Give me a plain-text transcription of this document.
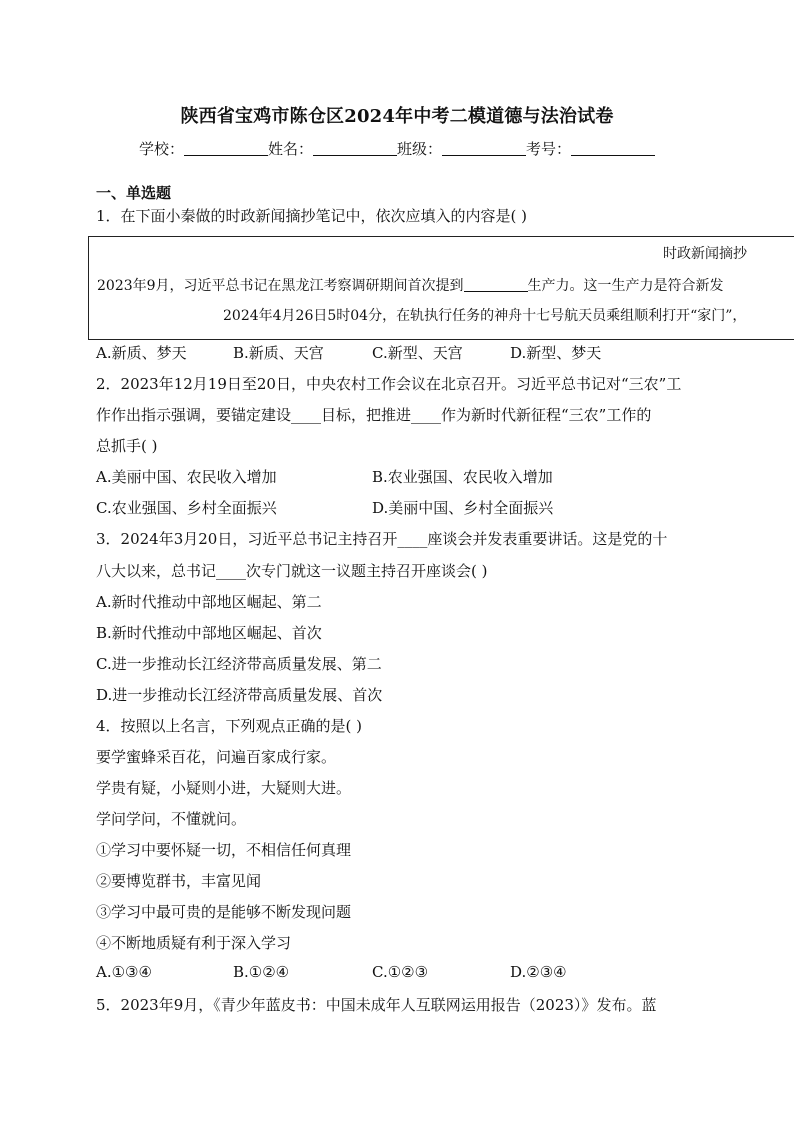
陕西省宝鸡市陈仓区2024年中考二模道德与法治试卷
学校：	姓名：	班级：	考号：
一、单选题
1．在下面小秦做的时政新闻摘抄笔记中，依次应填入的内容是( )
时政新闻摘抄
2023年9月，习近平总书记在黑龙江考察调研期间首次提到	生产力。这一生产力是符合新发
2024年4月26日5时04分，在轨执行任务的神舟十七号航天员乘组顺利打开“家门”，
A.新质、梦天	B.新质、天宫	C.新型、天宫	D.新型、梦天
2．2023年12月19日至20日，中央农村工作会议在北京召开。习近平总书记对“三农”工
作作出指示强调，要锚定建设____目标，把推进____作为新时代新征程“三农”工作的
总抓手( )
A.美丽中国、农民收入增加	B.农业强国、农民收入增加
C.农业强国、乡村全面振兴	D.美丽中国、乡村全面振兴
3．2024年3月20日，习近平总书记主持召开____座谈会并发表重要讲话。这是党的十
八大以来，总书记____次专门就这一议题主持召开座谈会( )
A.新时代推动中部地区崛起、第二
B.新时代推动中部地区崛起、首次
C.进一步推动长江经济带高质量发展、第二
D.进一步推动长江经济带高质量发展、首次
4．按照以上名言，下列观点正确的是( )
要学蜜蜂采百花，问遍百家成行家。
学贵有疑，小疑则小进，大疑则大进。
学问学问，不懂就问。
①学习中要怀疑一切，不相信任何真理
②要博览群书，丰富见闻
③学习中最可贵的是能够不断发现问题
④不断地质疑有利于深入学习
A.①③④	B.①②④	C.①②③	D.②③④
5．2023年9月，《青少年蓝皮书：中国未成年人互联网运用报告（2023）》发布。蓝
